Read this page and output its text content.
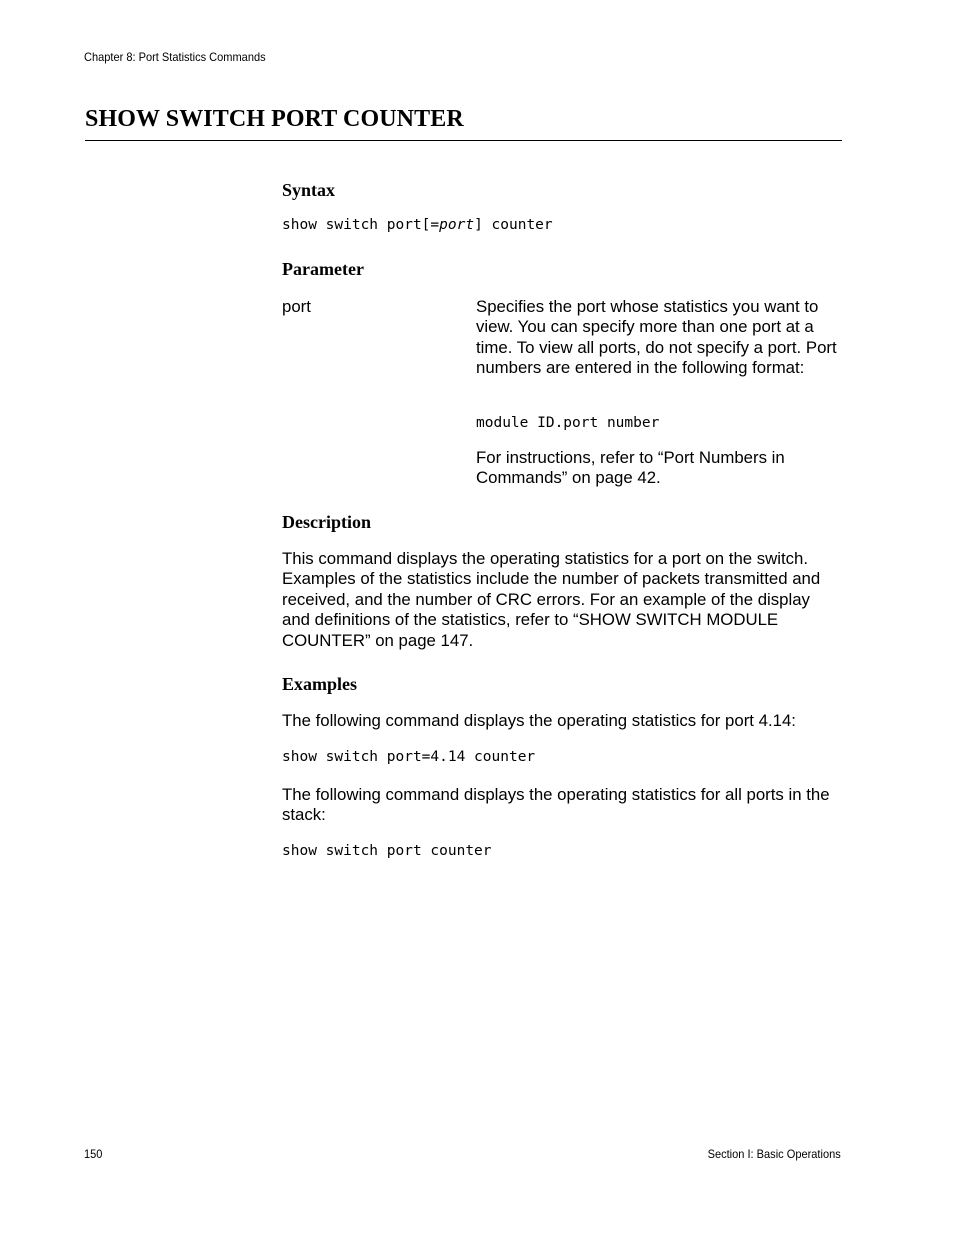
Chapter 8: Port Statistics Commands
SHOW SWITCH PORT COUNTER
Syntax
show switch port[=port] counter
Parameter
port	Specifies the port whose statistics you want to view. You can specify more than one port at a time. To view all ports, do not specify a port. Port numbers are entered in the following format:

module ID.port number

For instructions, refer to “Port Numbers in Commands” on page 42.

Description

This command displays the operating statistics for a port on the switch. Examples of the statistics include the number of packets transmitted and received, and the number of CRC errors. For an example of the display and definitions of the statistics, refer to “SHOW SWITCH MODULE COUNTER” on page 147.

Examples

The following command displays the operating statistics for port 4.14:

show switch port=4.14 counter

The following command displays the operating statistics for all ports in the stack:

show switch port counter
150	Section I: Basic Operations
